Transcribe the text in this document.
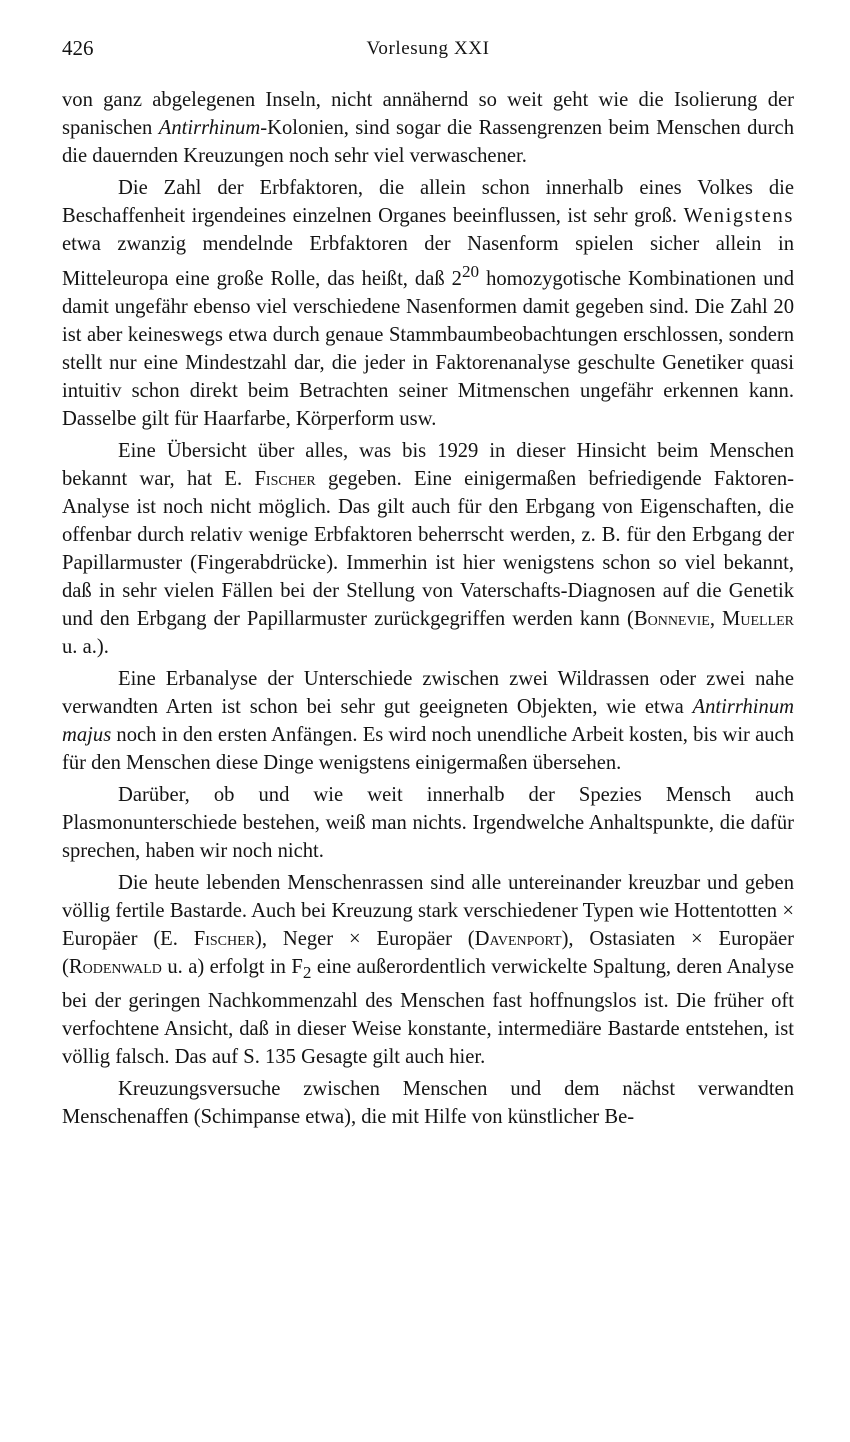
426	Vorlesung XXI

von ganz abgelegenen Inseln, nicht annähernd so weit geht wie die Isolierung der spanischen Antirrhinum-Kolonien, sind sogar die Rassengrenzen beim Menschen durch die dauernden Kreuzungen noch sehr viel verwaschener.

Die Zahl der Erbfaktoren, die allein schon innerhalb eines Volkes die Beschaffenheit irgendeines einzelnen Organes beeinflussen, ist sehr groß. Wenigstens etwa zwanzig mendelnde Erbfaktoren der Nasenform spielen sicher allein in Mitteleuropa eine große Rolle, das heißt, daß $2^{20}$ homozygotische Kombinationen und damit ungefähr ebenso viel verschiedene Nasenformen damit gegeben sind. Die Zahl 20 ist aber keineswegs etwa durch genaue Stammbaumbeobachtungen erschlossen, sondern stellt nur eine Mindestzahl dar, die jeder in Faktorenanalyse geschulte Genetiker quasi intuitiv schon direkt beim Betrachten seiner Mitmenschen ungefähr erkennen kann. Dasselbe gilt für Haarfarbe, Körperform usw.

Eine Übersicht über alles, was bis 1929 in dieser Hinsicht beim Menschen bekannt war, hat E. Fischer gegeben. Eine einigermaßen befriedigende Faktoren-Analyse ist noch nicht möglich. Das gilt auch für den Erbgang von Eigenschaften, die offenbar durch relativ wenige Erbfaktoren beherrscht werden, z. B. für den Erbgang der Papillarmuster (Fingerabdrücke). Immerhin ist hier wenigstens schon so viel bekannt, daß in sehr vielen Fällen bei der Stellung von Vaterschafts-Diagnosen auf die Genetik und den Erbgang der Papillarmuster zurückgegriffen werden kann (Bonnevie, Mueller u. a.).

Eine Erbanalyse der Unterschiede zwischen zwei Wildrassen oder zwei nahe verwandten Arten ist schon bei sehr gut geeigneten Objekten, wie etwa Antirrhinum majus noch in den ersten Anfängen. Es wird noch unendliche Arbeit kosten, bis wir auch für den Menschen diese Dinge wenigstens einigermaßen übersehen.

Darüber, ob und wie weit innerhalb der Spezies Mensch auch Plasmonunterschiede bestehen, weiß man nichts. Irgendwelche Anhaltspunkte, die dafür sprechen, haben wir noch nicht.

Die heute lebenden Menschenrassen sind alle untereinander kreuzbar und geben völlig fertile Bastarde. Auch bei Kreuzung stark verschiedener Typen wie Hottentotten × Europäer (E. Fischer), Neger × Europäer (Davenport), Ostasiaten × Europäer (Rodenwald u. a) erfolgt in $F_2$ eine außerordentlich verwickelte Spaltung, deren Analyse bei der geringen Nachkommenzahl des Menschen fast hoffnungslos ist. Die früher oft verfochtene Ansicht, daß in dieser Weise konstante, intermediäre Bastarde entstehen, ist völlig falsch. Das auf S. 135 Gesagte gilt auch hier.

Kreuzungsversuche zwischen Menschen und dem nächst verwandten Menschenaffen (Schimpanse etwa), die mit Hilfe von künstlicher Be-
